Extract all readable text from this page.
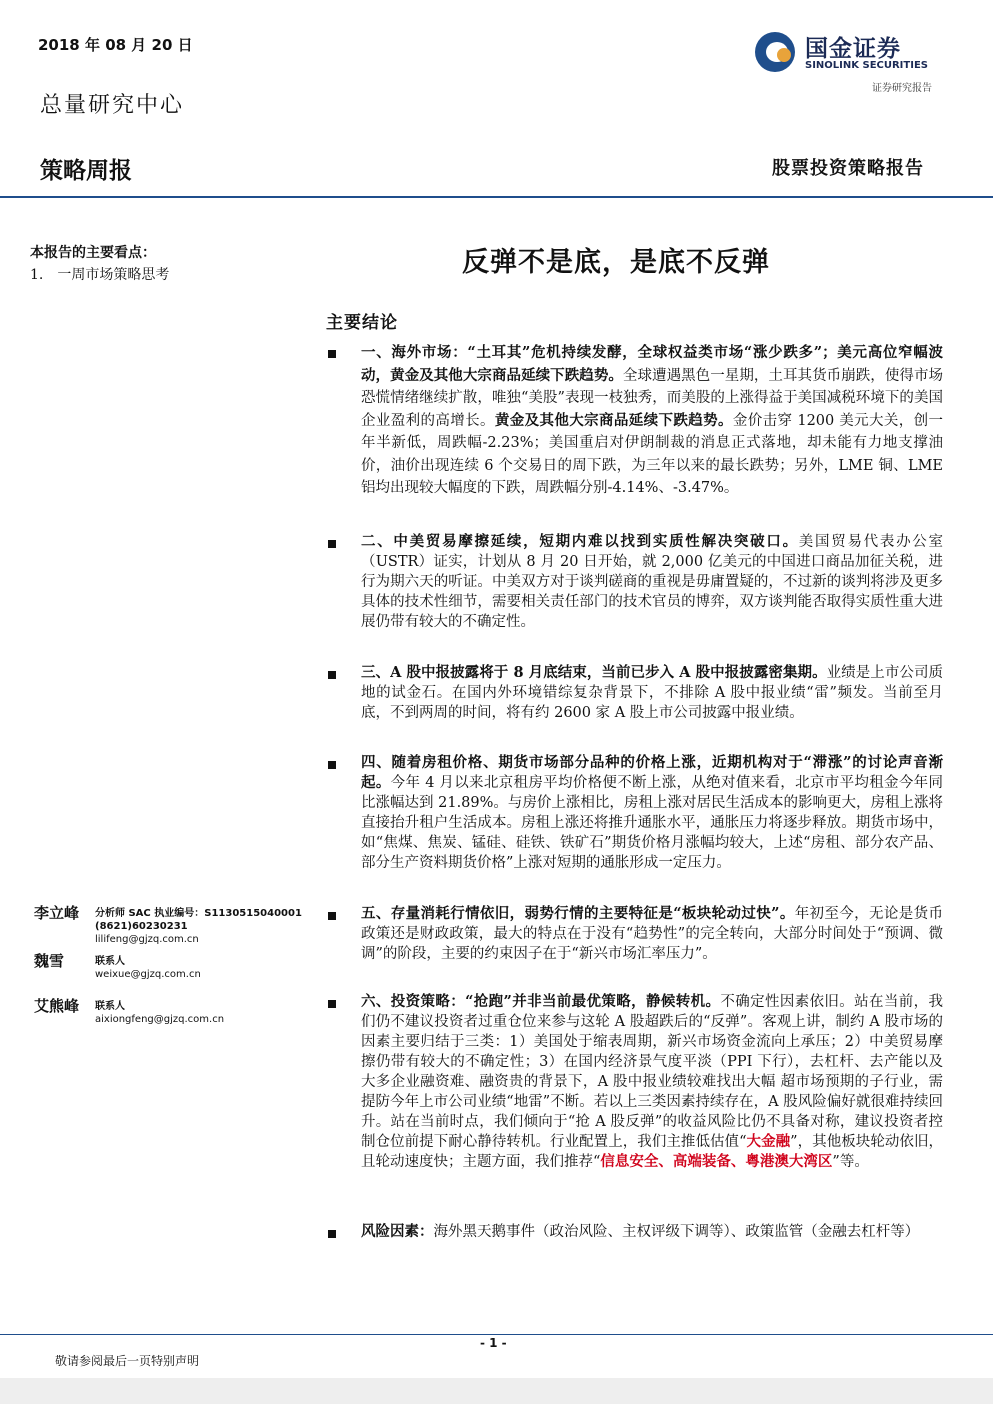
2018 年 08 月 20 日
总量研究中心
策略周报
国金证券
SINOLINK SECURITIES
证券研究报告
股票投资策略报告
本报告的主要看点：
1.　一周市场策略思考	反弹不是底，是底不反弹
主要结论
一、海外市场：“土耳其”危机持续发酵，全球权益类市场“涨少跌多”；美元高位窄幅波动，黄金及其他大宗商品延续下跌趋势。全球遭遇黑色一星期，土耳其货币崩跌，使得市场恐慌情绪继续扩散，唯独“美股”表现一枝独秀，而美股的上涨得益于美国减税环境下的美国企业盈利的高增长。黄金及其他大宗商品延续下跌趋势。金价击穿 1200 美元大关，创一年半新低，周跌幅-2.23%；美国重启对伊朗制裁的消息正式落地，却未能有力地支撑油价，油价出现连续 6 个交易日的周下跌，为三年以来的最长跌势；另外，LME 铜、LME 铝均出现较大幅度的下跌，周跌幅分别-4.14%、-3.47%。
二、中美贸易摩擦延续，短期内难以找到实质性解决突破口。美国贸易代表办公室（USTR）证实，计划从 8 月 20 日开始，就 2,000 亿美元的中国进口商品加征关税，进行为期六天的听证。中美双方对于谈判磋商的重视是毋庸置疑的，不过新的谈判将涉及更多具体的技术性细节，需要相关责任部门的技术官员的博弈，双方谈判能否取得实质性重大进展仍带有较大的不确定性。
三、A 股中报披露将于 8 月底结束，当前已步入 A 股中报披露密集期。业绩是上市公司质地的试金石。在国内外环境错综复杂背景下，不排除 A 股中报业绩“雷”频发。当前至月底，不到两周的时间，将有约 2600 家 A 股上市公司披露中报业绩。
四、随着房租价格、期货市场部分品种的价格上涨，近期机构对于“滞涨”的讨论声音渐起。今年 4 月以来北京租房平均价格便不断上涨，从绝对值来看，北京市平均租金今年同比涨幅达到 21.89%。与房价上涨相比，房租上涨对居民生活成本的影响更大，房租上涨将直接抬升租户生活成本。房租上涨还将推升通胀水平，通胀压力将逐步释放。期货市场中，如“焦煤、焦炭、锰硅、硅铁、铁矿石”期货价格月涨幅均较大，上述“房租、部分农产品、部分生产资料期货价格”上涨对短期的通胀形成一定压力。
五、存量消耗行情依旧，弱势行情的主要特征是“板块轮动过快”。年初至今，无论是货币政策还是财政政策，最大的特点在于没有“趋势性”的完全转向，大部分时间处于“预调、微调”的阶段，主要的约束因子在于“新兴市场汇率压力”。
六、投资策略：“抢跑”并非当前最优策略，静候转机。不确定性因素依旧。站在当前，我们仍不建议投资者过重仓位来参与这轮 A 股超跌后的“反弹”。客观上讲，制约 A 股市场的因素主要归结于三类：1）美国处于缩表周期，新兴市场资金流向上承压；2）中美贸易摩擦仍带有较大的不确定性；3）在国内经济景气度平淡（PPI 下行），去杠杆、去产能以及大多企业融资难、融资贵的背景下，A 股中报业绩较难找出大幅 超市场预期的子行业，需提防今年上市公司业绩“地雷”不断。若以上三类因素持续存在，A 股风险偏好就很难持续回升。站在当前时点，我们倾向于“抢 A 股反弹”的收益风险比仍不具备对称，建议投资者控制仓位前提下耐心静待转机。行业配置上，我们主推低估值“大金融”，其他板块轮动依旧，且轮动速度快；主题方面，我们推荐“信息安全、高端装备、粤港澳大湾区”等。
风险因素：海外黑天鹅事件（政治风险、主权评级下调等）、政策监管（金融去杠杆等）
李立峰 分析师 SAC 执业编号：S1130515040001
(8621)60230231
lilifeng@gjzq.com.cn
魏雪	联系人
weixue@gjzq.com.cn
艾熊峰 联系人
aixiongfeng@gjzq.com.cn
- 1 -
敬请参阅最后一页特别声明
